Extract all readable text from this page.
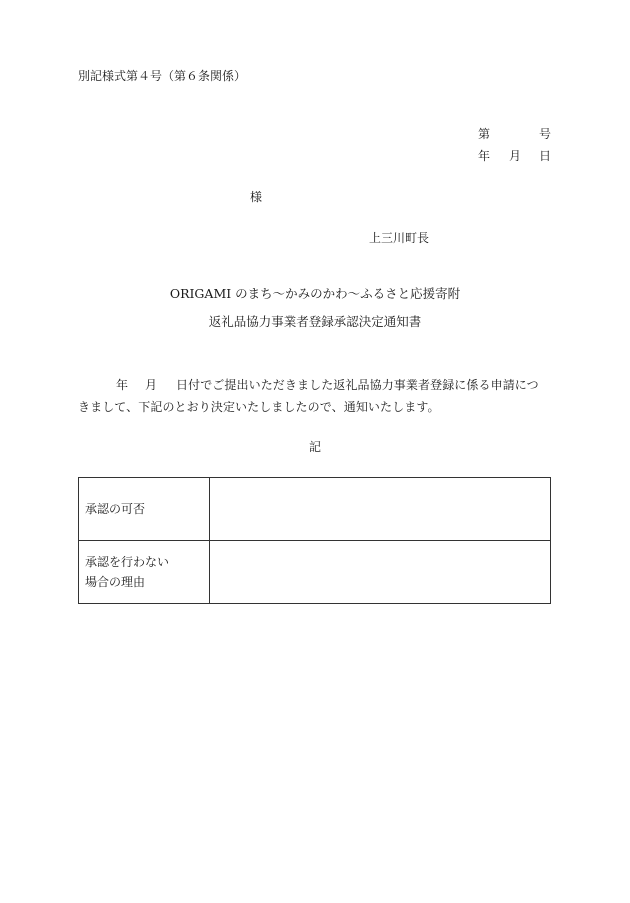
別記様式第４号（第６条関係）
第	号
年 月 日
様
上三川町長
ORIGAMI のまち～かみのかわ～ふるさと応援寄附
返礼品協力事業者登録承認決定通知書
年 月 日付でご提出いただきました返礼品協力事業者登録に係る申請につ
きまして、下記のとおり決定いたしましたので、通知いたします。
記
承認の可否	

承認を行わない
場合の理由	
